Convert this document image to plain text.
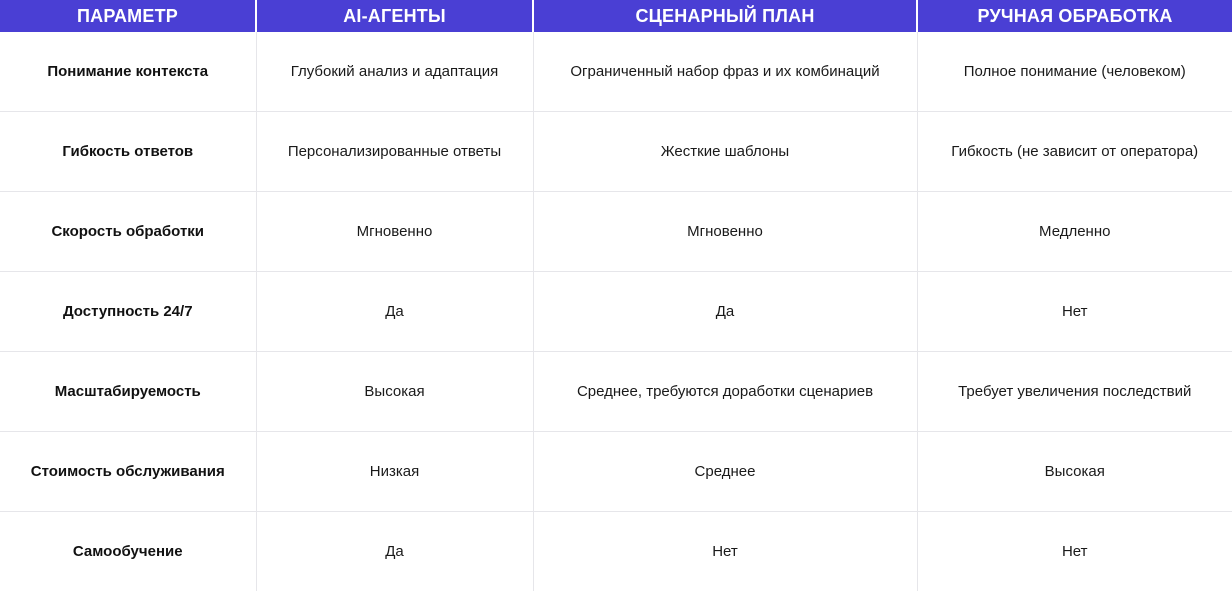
ПАРАМЕТР	AI-АГЕНТЫ	СЦЕНАРНЫЙ ПЛАН	РУЧНАЯ ОБРАБОТКА
Понимание контекста	Глубокий анализ и адаптация	Ограниченный набор фраз и их комбинаций	Полное понимание (человеком)
Гибкость ответов	Персонализированные ответы	Жесткие шаблоны	Гибкость (не зависит от оператора)
Скорость обработки	Мгновенно	Мгновенно	Медленно
Доступность 24/7	Да	Да	Нет
Масштабируемость	Высокая	Среднее, требуются доработки сценариев	Требует увеличения последствий
Стоимость обслуживания	Низкая	Среднее	Высокая
Самообучение	Да	Нет	Нет
